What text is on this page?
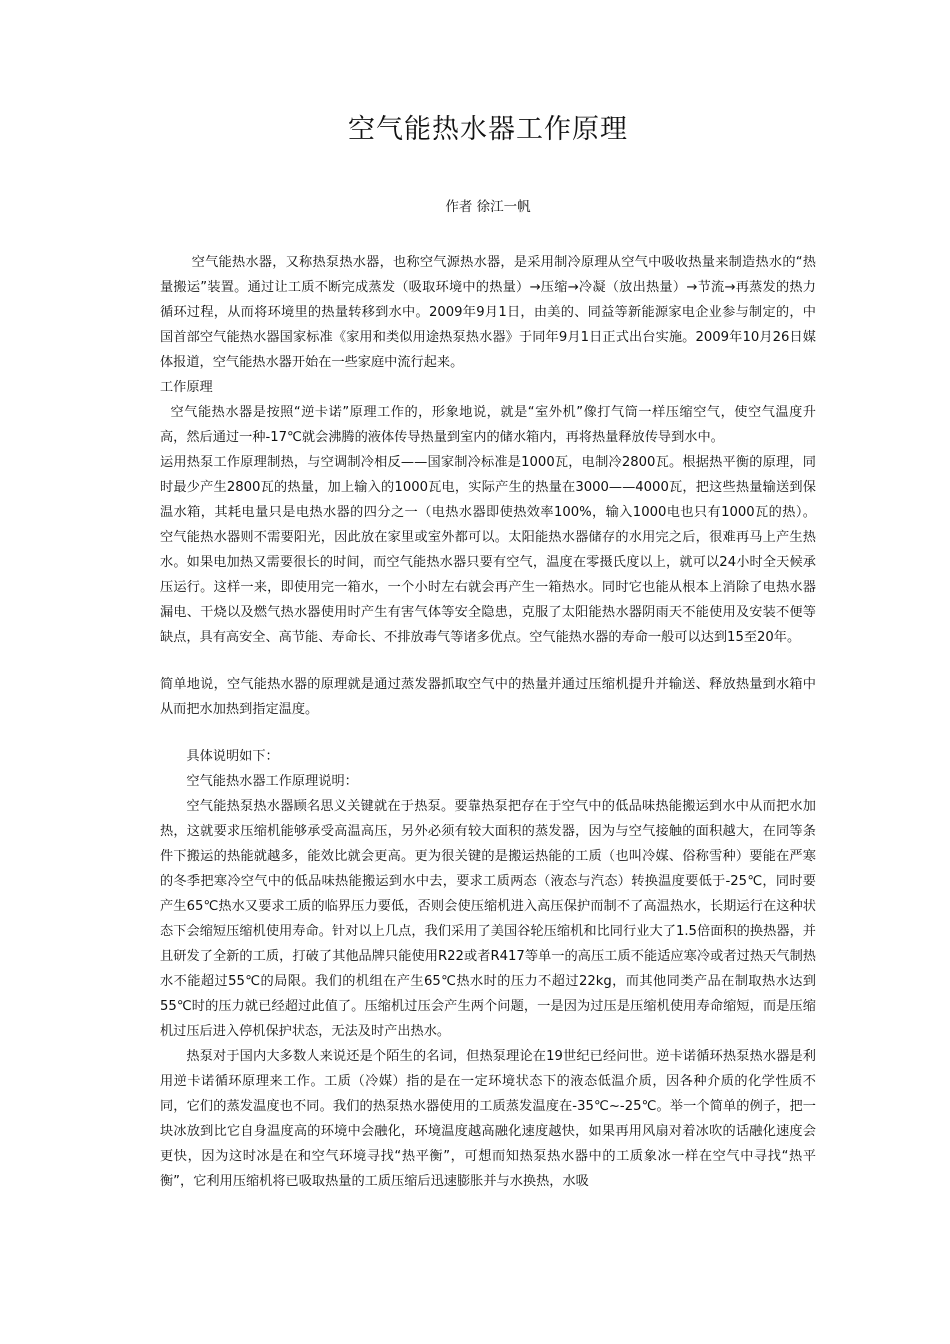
空气能热水器工作原理
作者 徐江一帆

空气能热水器，又称热泵热水器，也称空气源热水器，是采用制冷原理从空气中吸收热量来制造热水的“热量搬运”装置。通过让工质不断完成蒸发（吸取环境中的热量）→压缩→冷凝（放出热量）→节流→再蒸发的热力循环过程，从而将环境里的热量转移到水中。2009年9月1日，由美的、同益等新能源家电企业参与制定的，中国首部空气能热水器国家标准《家用和类似用途热泵热水器》于同年9月1日正式出台实施。2009年10月26日媒体报道，空气能热水器开始在一些家庭中流行起来。

工作原理

空气能热水器是按照“逆卡诺”原理工作的，形象地说，就是“室外机”像打气筒一样压缩空气，使空气温度升高，然后通过一种-17℃就会沸腾的液体传导热量到室内的储水箱内，再将热量释放传导到水中。

运用热泵工作原理制热，与空调制冷相反——国家制冷标准是1000瓦，电制冷2800瓦。根据热平衡的原理，同时最少产生2800瓦的热量，加上输入的1000瓦电，实际产生的热量在3000——4000瓦，把这些热量输送到保温水箱，其耗电量只是电热水器的四分之一（电热水器即使热效率100%，输入1000电也只有1000瓦的热）。 空气能热水器则不需要阳光，因此放在家里或室外都可以。太阳能热水器储存的水用完之后，很难再马上产生热水。如果电加热又需要很长的时间，而空气能热水器只要有空气，温度在零摄氏度以上，就可以24小时全天候承压运行。这样一来，即使用完一箱水，一个小时左右就会再产生一箱热水。同时它也能从根本上消除了电热水器漏电、干烧以及燃气热水器使用时产生有害气体等安全隐患，克服了太阳能热水器阴雨天不能使用及安装不便等缺点，具有高安全、高节能、寿命长、不排放毒气等诸多优点。空气能热水器的寿命一般可以达到15至20年。

简单地说，空气能热水器的原理就是通过蒸发器抓取空气中的热量并通过压缩机提升并输送、释放热量到水箱中从而把水加热到指定温度。

具体说明如下：

空气能热水器工作原理说明：

空气能热泵热水器顾名思义关键就在于热泵。要靠热泵把存在于空气中的低品味热能搬运到水中从而把水加热，这就要求压缩机能够承受高温高压，另外必须有较大面积的蒸发器，因为与空气接触的面积越大，在同等条件下搬运的热能就越多，能效比就会更高。更为很关键的是搬运热能的工质（也叫冷媒、俗称雪种）要能在严寒的冬季把寒冷空气中的低品味热能搬运到水中去，要求工质两态（液态与汽态）转换温度要低于-25℃，同时要产生65℃热水又要求工质的临界压力要低，否则会使压缩机进入高压保护而制不了高温热水，长期运行在这种状态下会缩短压缩机使用寿命。针对以上几点，我们采用了美国谷轮压缩机和比同行业大了1.5倍面积的换热器，并且研发了全新的工质，打破了其他品牌只能使用R22或者R417等单一的高压工质不能适应寒冷或者过热天气制热水不能超过55℃的局限。我们的机组在产生65℃热水时的压力不超过22kg，而其他同类产品在制取热水达到55℃时的压力就已经超过此值了。压缩机过压会产生两个问题，一是因为过压是压缩机使用寿命缩短，而是压缩机过压后进入停机保护状态，无法及时产出热水。

热泵对于国内大多数人来说还是个陌生的名词，但热泵理论在19世纪已经问世。逆卡诺循环热泵热水器是利用逆卡诺循环原理来工作。工质（冷媒）指的是在一定环境状态下的液态低温介质，因各种介质的化学性质不同，它们的蒸发温度也不同。我们的热泵热水器使用的工质蒸发温度在-35℃~-25℃。举一个简单的例子，把一块冰放到比它自身温度高的环境中会融化，环境温度越高融化速度越快，如果再用风扇对着冰吹的话融化速度会更快，因为这时冰是在和空气环境寻找“热平衡”，可想而知热泵热水器中的工质象冰一样在空气中寻找“热平衡”，它利用压缩机将已吸取热量的工质压缩后迅速膨胀并与水换热，水吸
